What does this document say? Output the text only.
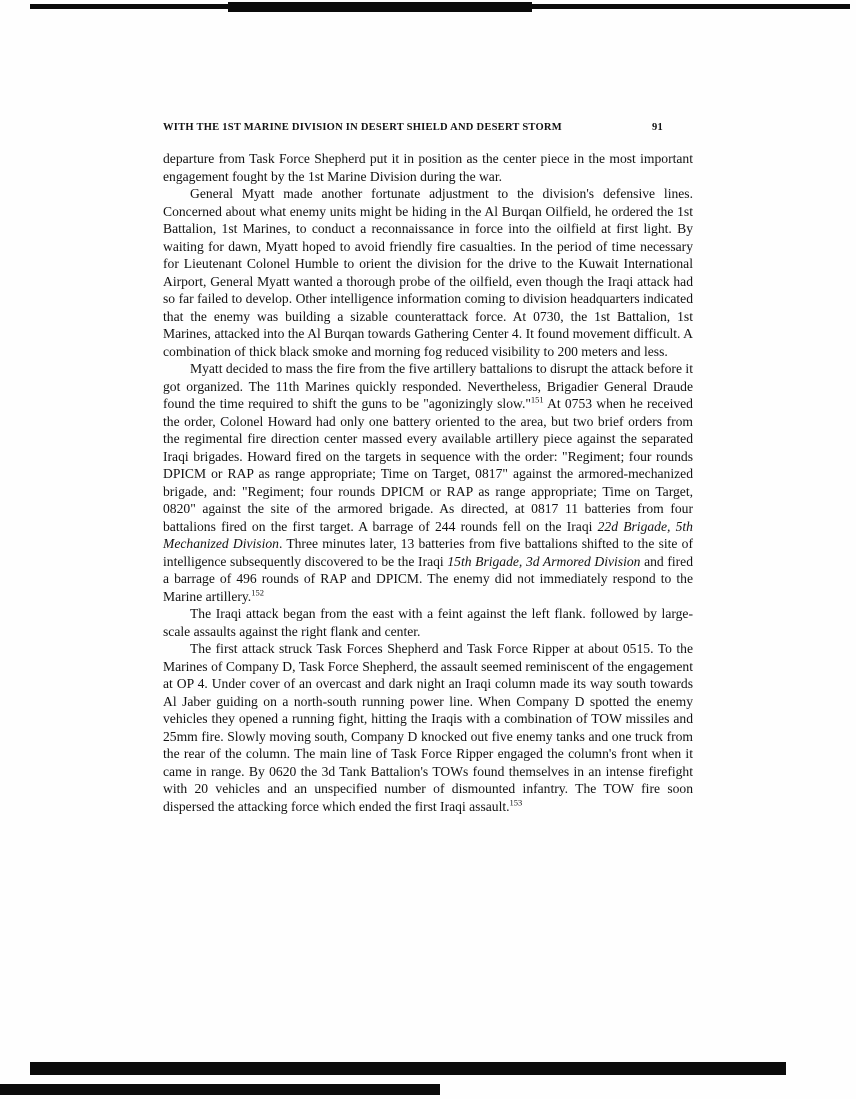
WITH THE 1ST MARINE DIVISION IN DESERT SHIELD AND DESERT STORM	91

departure from Task Force Shepherd put it in position as the center piece in the most important engagement fought by the 1st Marine Division during the war.

General Myatt made another fortunate adjustment to the division's defensive lines. Concerned about what enemy units might be hiding in the Al Burqan Oilfield, he ordered the 1st Battalion, 1st Marines, to conduct a reconnaissance in force into the oilfield at first light. By waiting for dawn, Myatt hoped to avoid friendly fire casualties. In the period of time necessary for Lieutenant Colonel Humble to orient the division for the drive to the Kuwait International Airport, General Myatt wanted a thorough probe of the oilfield, even though the Iraqi attack had so far failed to develop. Other intelligence information coming to division headquarters indicated that the enemy was building a sizable counterattack force. At 0730, the 1st Battalion, 1st Marines, attacked into the Al Burqan towards Gathering Center 4. It found movement difficult. A combination of thick black smoke and morning fog reduced visibility to 200 meters and less.

Myatt decided to mass the fire from the five artillery battalions to disrupt the attack before it got organized. The 11th Marines quickly responded. Nevertheless, Brigadier General Draude found the time required to shift the guns to be "agonizingly slow."$^{151}$ At 0753 when he received the order, Colonel Howard had only one battery oriented to the area, but two brief orders from the regimental fire direction center massed every available artillery piece against the separated Iraqi brigades. Howard fired on the targets in sequence with the order: "Regiment; four rounds DPICM or RAP as range appropriate; Time on Target, 0817" against the armored-mechanized brigade, and: "Regiment; four rounds DPICM or RAP as range appropriate; Time on Target, 0820" against the site of the armored brigade. As directed, at 0817 11 batteries from four battalions fired on the first target. A barrage of 244 rounds fell on the Iraqi 22d Brigade, 5th Mechanized Division. Three minutes later, 13 batteries from five battalions shifted to the site of intelligence subsequently discovered to be the Iraqi 15th Brigade, 3d Armored Division and fired a barrage of 496 rounds of RAP and DPICM. The enemy did not immediately respond to the Marine artillery.$^{152}$

The Iraqi attack began from the east with a feint against the left flank. followed by large-scale assaults against the right flank and center.

The first attack struck Task Forces Shepherd and Task Force Ripper at about 0515. To the Marines of Company D, Task Force Shepherd, the assault seemed reminiscent of the engagement at OP 4. Under cover of an overcast and dark night an Iraqi column made its way south towards Al Jaber guiding on a north-south running power line. When Company D spotted the enemy vehicles they opened a running fight, hitting the Iraqis with a combination of TOW missiles and 25mm fire. Slowly moving south, Company D knocked out five enemy tanks and one truck from the rear of the column. The main line of Task Force Ripper engaged the column's front when it came in range. By 0620 the 3d Tank Battalion's TOWs found themselves in an intense firefight with 20 vehicles and an unspecified number of dismounted infantry. The TOW fire soon dispersed the attacking force which ended the first Iraqi assault.$^{153}$
